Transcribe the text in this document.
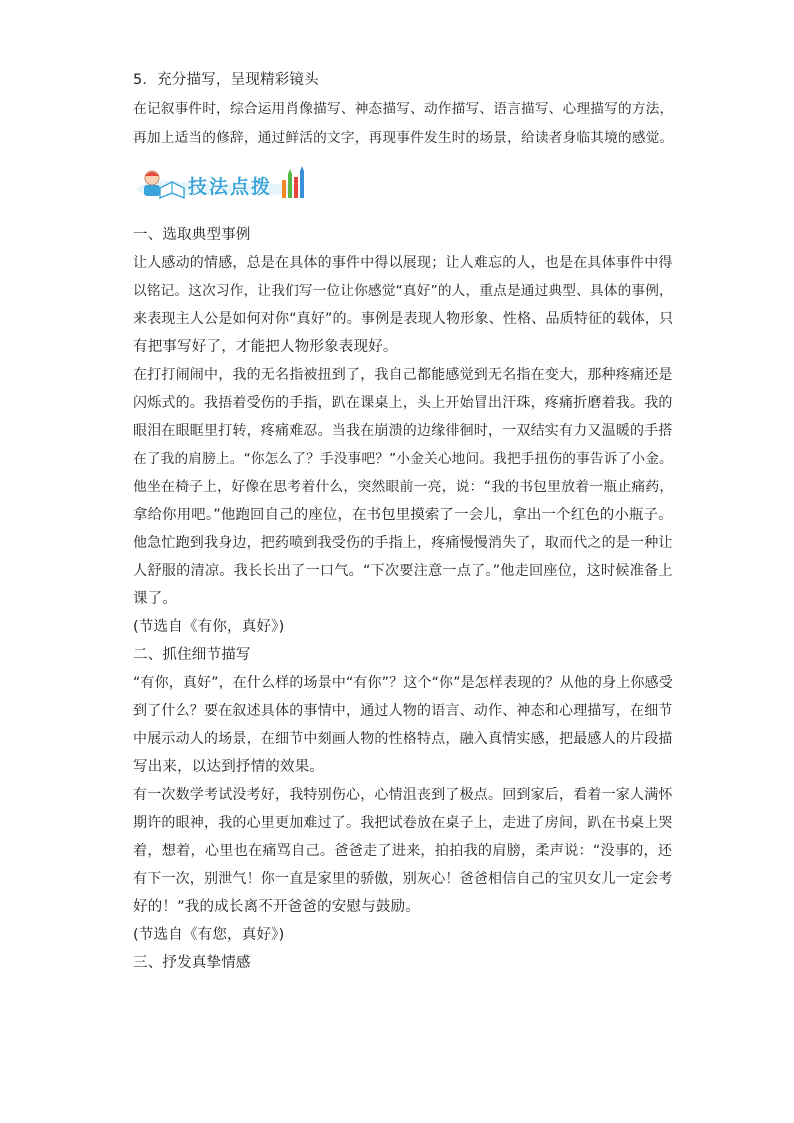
5．充分描写，呈现精彩镜头
在记叙事件时，综合运用肖像描写、神态描写、动作描写、语言描写、心理描写的方法，
再加上适当的修辞，通过鲜活的文字，再现事件发生时的场景，给读者身临其境的感觉。
技法点拨
一、选取典型事例
让人感动的情感，总是在具体的事件中得以展现；让人难忘的人，也是在具体事件中得
以铭记。这次习作，让我们写一位让你感觉“真好”的人，重点是通过典型、具体的事例，
来表现主人公是如何对你“真好”的。事例是表现人物形象、性格、品质特征的载体，只
有把事写好了，才能把人物形象表现好。
在打打闹闹中，我的无名指被扭到了，我自己都能感觉到无名指在变大，那种疼痛还是
闪烁式的。我捂着受伤的手指，趴在课桌上，头上开始冒出汗珠，疼痛折磨着我。我的
眼泪在眼眶里打转，疼痛难忍。当我在崩溃的边缘徘徊时，一双结实有力又温暖的手搭
在了我的肩膀上。“你怎么了？手没事吧？”小金关心地问。我把手扭伤的事告诉了小金。
他坐在椅子上，好像在思考着什么，突然眼前一亮，说：“我的书包里放着一瓶止痛药，
拿给你用吧。”他跑回自己的座位，在书包里摸索了一会儿，拿出一个红色的小瓶子。
他急忙跑到我身边，把药喷到我受伤的手指上，疼痛慢慢消失了，取而代之的是一种让
人舒服的清凉。我长长出了一口气。“下次要注意一点了。”他走回座位，这时候准备上
课了。
(节选自《有你，真好》)
二、抓住细节描写
“有你，真好”，在什么样的场景中“有你”？这个“你”是怎样表现的？从他的身上你感受
到了什么？要在叙述具体的事情中，通过人物的语言、动作、神态和心理描写，在细节
中展示动人的场景，在细节中刻画人物的性格特点，融入真情实感，把最感人的片段描
写出来，以达到抒情的效果。
有一次数学考试没考好，我特别伤心，心情沮丧到了极点。回到家后，看着一家人满怀
期许的眼神，我的心里更加难过了。我把试卷放在桌子上，走进了房间，趴在书桌上哭
着，想着，心里也在痛骂自己。爸爸走了进来，拍拍我的肩膀，柔声说：“没事的，还
有下一次，别泄气！你一直是家里的骄傲，别灰心！爸爸相信自己的宝贝女儿一定会考
好的！”我的成长离不开爸爸的安慰与鼓励。
(节选自《有您，真好》)
三、抒发真挚情感
